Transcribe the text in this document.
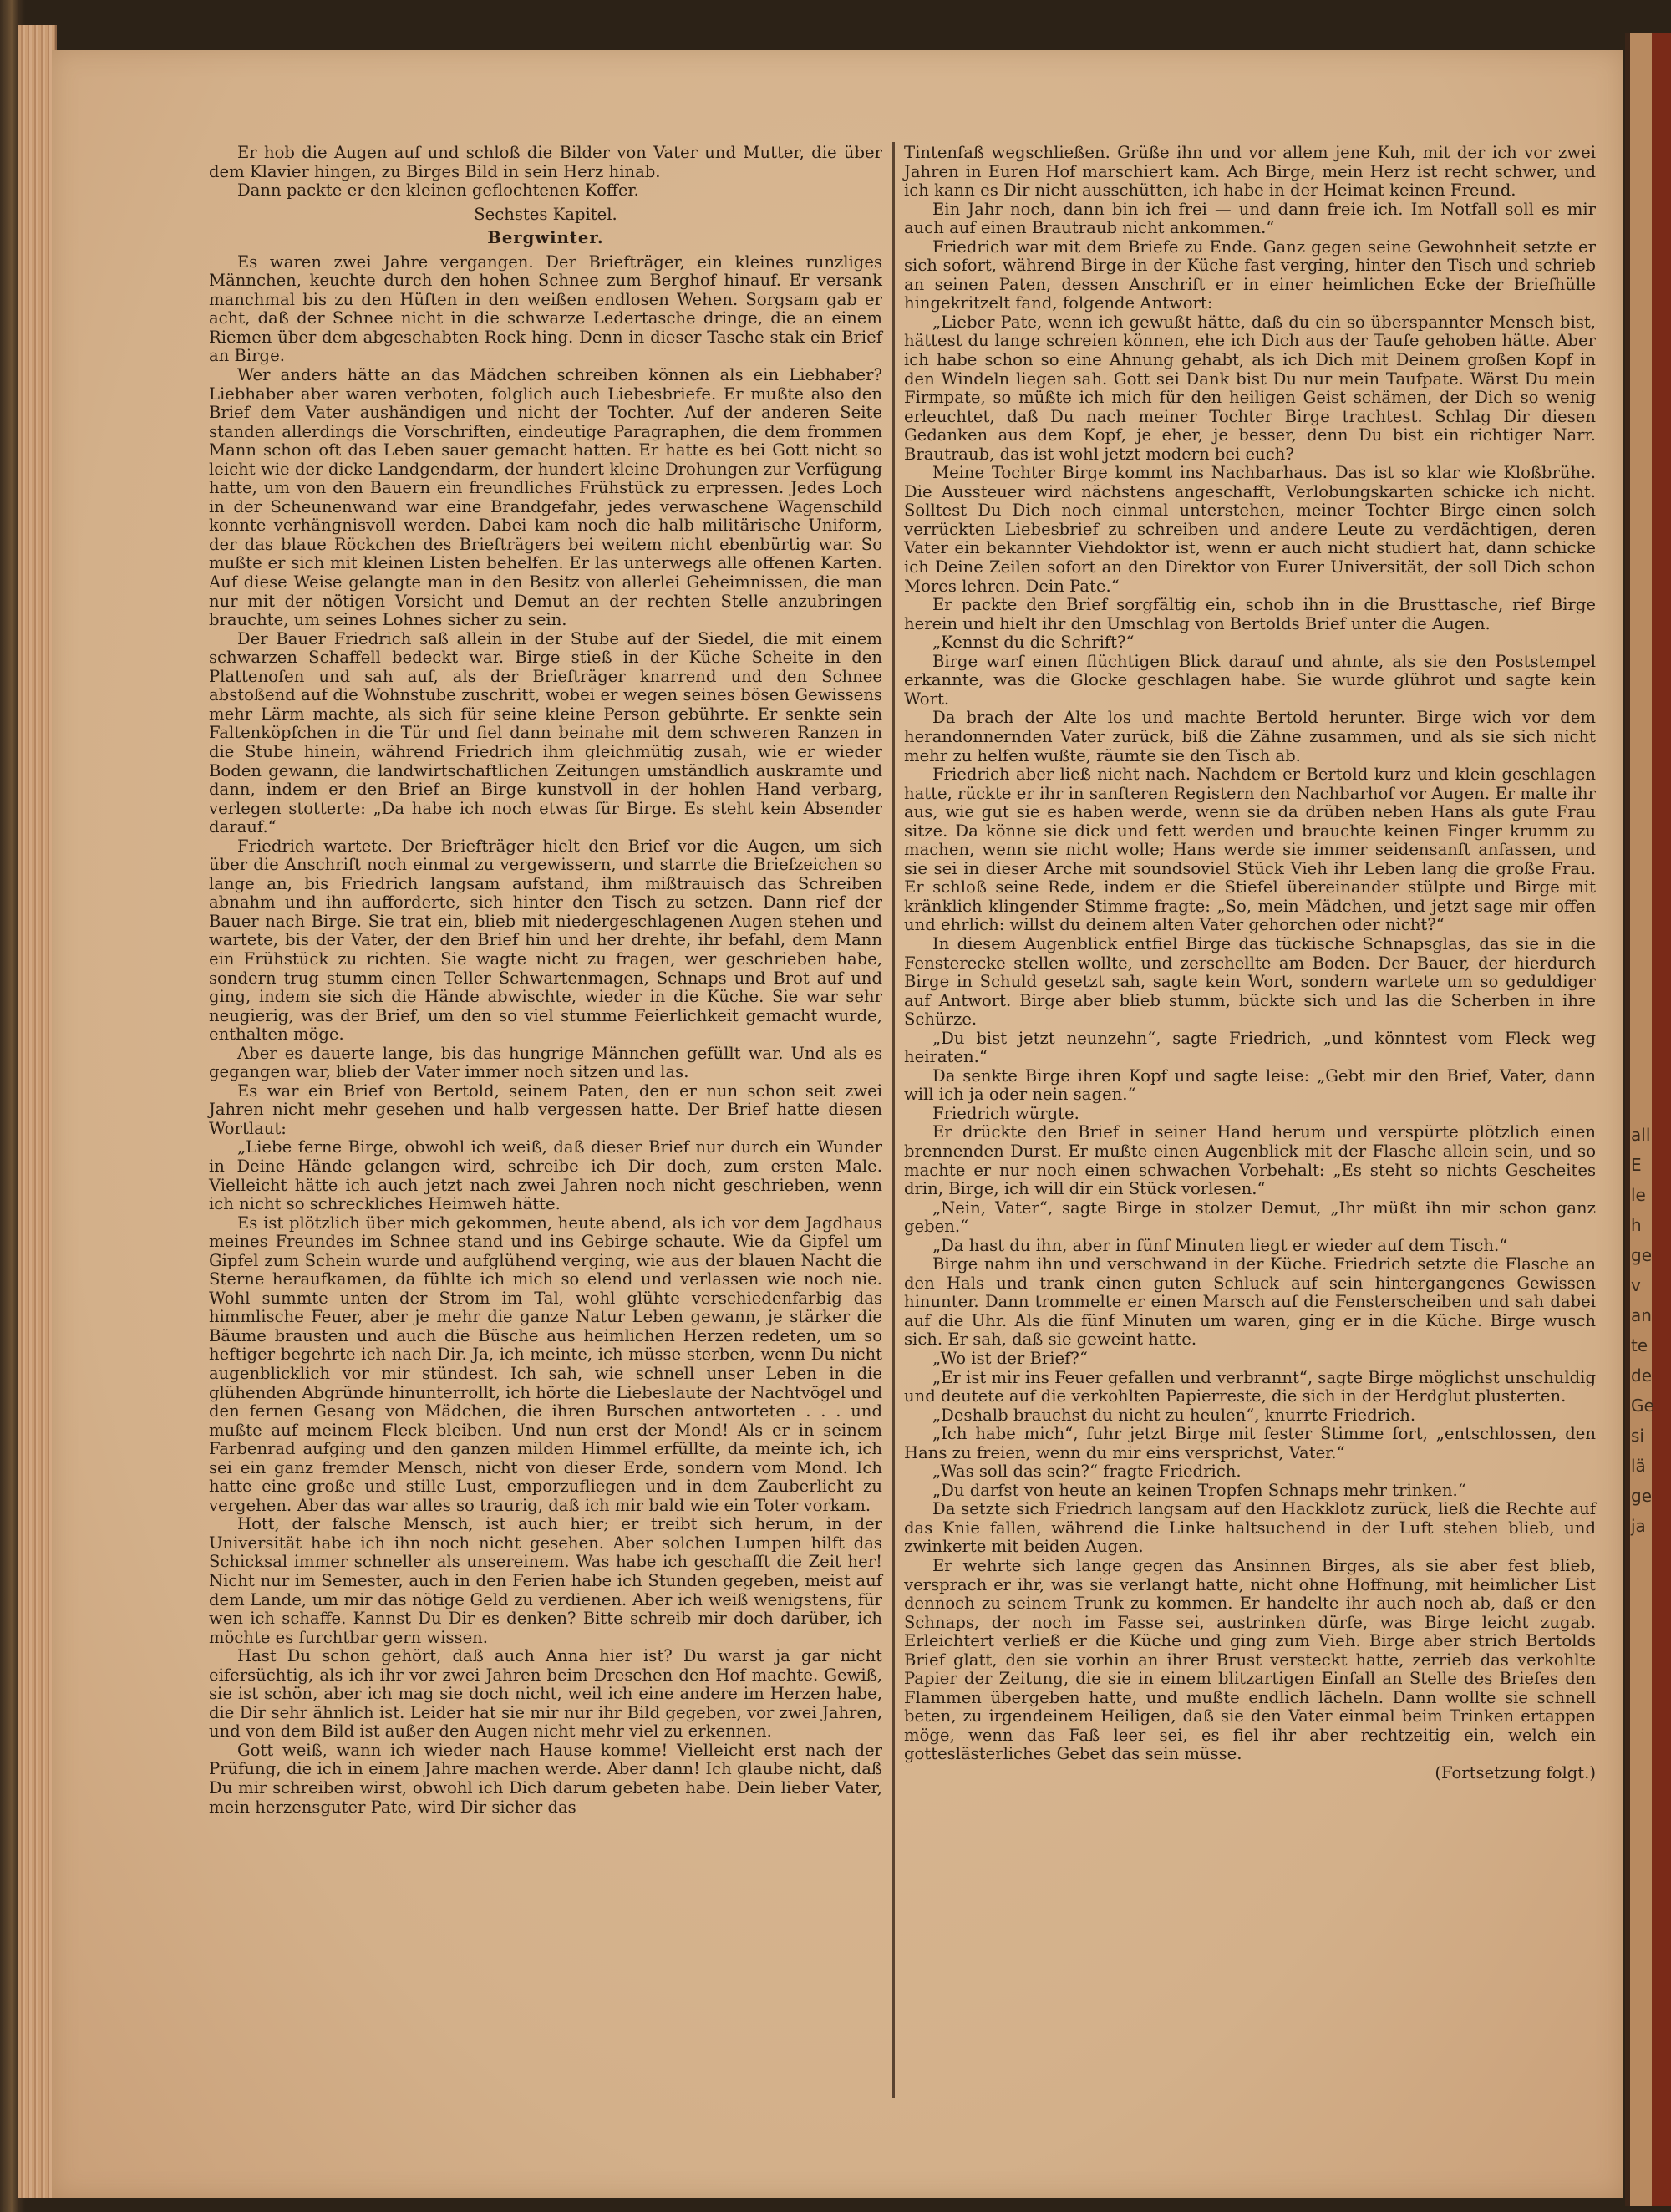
all
E
le
h
ge
v
an
te
de
Ge
si
lä
ge
ja

Er hob die Augen auf und schloß die Bilder von Vater und Mutter, die über dem Klavier hingen, zu Birges Bild in sein Herz hinab.

Dann packte er den kleinen geflochtenen Koffer.

Sechstes Kapitel.

Bergwinter.

Es waren zwei Jahre vergangen. Der Briefträger, ein kleines runzliges Männchen, keuchte durch den hohen Schnee zum Berghof hinauf. Er versank manchmal bis zu den Hüften in den weißen endlosen Wehen. Sorgsam gab er acht, daß der Schnee nicht in die schwarze Ledertasche dringe, die an einem Riemen über dem abgeschabten Rock hing. Denn in dieser Tasche stak ein Brief an Birge.

Wer anders hätte an das Mädchen schreiben können als ein Liebhaber? Liebhaber aber waren verboten, folglich auch Liebesbriefe. Er mußte also den Brief dem Vater aushändigen und nicht der Tochter. Auf der anderen Seite standen allerdings die Vorschriften, eindeutige Paragraphen, die dem frommen Mann schon oft das Leben sauer gemacht hatten. Er hatte es bei Gott nicht so leicht wie der dicke Landgendarm, der hundert kleine Drohungen zur Verfügung hatte, um von den Bauern ein freundliches Frühstück zu erpressen. Jedes Loch in der Scheunenwand war eine Brandgefahr, jedes verwaschene Wagenschild konnte verhängnisvoll werden. Dabei kam noch die halb militärische Uniform, der das blaue Röckchen des Briefträgers bei weitem nicht ebenbürtig war. So mußte er sich mit kleinen Listen behelfen. Er las unterwegs alle offenen Karten. Auf diese Weise gelangte man in den Besitz von allerlei Geheimnissen, die man nur mit der nötigen Vorsicht und Demut an der rechten Stelle anzubringen brauchte, um seines Lohnes sicher zu sein.

Der Bauer Friedrich saß allein in der Stube auf der Siedel, die mit einem schwarzen Schaffell bedeckt war. Birge stieß in der Küche Scheite in den Plattenofen und sah auf, als der Briefträger knarrend und den Schnee abstoßend auf die Wohnstube zuschritt, wobei er wegen seines bösen Gewissens mehr Lärm machte, als sich für seine kleine Person gebührte. Er senkte sein Faltenköpfchen in die Tür und fiel dann beinahe mit dem schweren Ranzen in die Stube hinein, während Friedrich ihm gleichmütig zusah, wie er wieder Boden gewann, die landwirtschaftlichen Zeitungen umständlich auskramte und dann, indem er den Brief an Birge kunstvoll in der hohlen Hand verbarg, verlegen stotterte: „Da habe ich noch etwas für Birge. Es steht kein Absender darauf.“

Friedrich wartete. Der Briefträger hielt den Brief vor die Augen, um sich über die Anschrift noch einmal zu vergewissern, und starrte die Briefzeichen so lange an, bis Friedrich langsam aufstand, ihm mißtrauisch das Schreiben abnahm und ihn aufforderte, sich hinter den Tisch zu setzen. Dann rief der Bauer nach Birge. Sie trat ein, blieb mit niedergeschlagenen Augen stehen und wartete, bis der Vater, der den Brief hin und her drehte, ihr befahl, dem Mann ein Frühstück zu richten. Sie wagte nicht zu fragen, wer geschrieben habe, sondern trug stumm einen Teller Schwartenmagen, Schnaps und Brot auf und ging, indem sie sich die Hände abwischte, wieder in die Küche. Sie war sehr neugierig, was der Brief, um den so viel stumme Feierlichkeit gemacht wurde, enthalten möge.

Aber es dauerte lange, bis das hungrige Männchen gefüllt war. Und als es gegangen war, blieb der Vater immer noch sitzen und las.

Es war ein Brief von Bertold, seinem Paten, den er nun schon seit zwei Jahren nicht mehr gesehen und halb vergessen hatte. Der Brief hatte diesen Wortlaut:

„Liebe ferne Birge, obwohl ich weiß, daß dieser Brief nur durch ein Wunder in Deine Hände gelangen wird, schreibe ich Dir doch, zum ersten Male. Vielleicht hätte ich auch jetzt nach zwei Jahren noch nicht geschrieben, wenn ich nicht so schreckliches Heimweh hätte.

Es ist plötzlich über mich gekommen, heute abend, als ich vor dem Jagdhaus meines Freundes im Schnee stand und ins Gebirge schaute. Wie da Gipfel um Gipfel zum Schein wurde und aufglühend verging, wie aus der blauen Nacht die Sterne heraufkamen, da fühlte ich mich so elend und verlassen wie noch nie. Wohl summte unten der Strom im Tal, wohl glühte verschiedenfarbig das himmlische Feuer, aber je mehr die ganze Natur Leben gewann, je stärker die Bäume brausten und auch die Büsche aus heimlichen Herzen redeten, um so heftiger begehrte ich nach Dir. Ja, ich meinte, ich müsse sterben, wenn Du nicht augenblicklich vor mir stündest. Ich sah, wie schnell unser Leben in die glühenden Abgründe hinunterrollt, ich hörte die Liebeslaute der Nachtvögel und den fernen Gesang von Mädchen, die ihren Burschen antworteten . . . und mußte auf meinem Fleck bleiben. Und nun erst der Mond! Als er in seinem Farbenrad aufging und den ganzen milden Himmel erfüllte, da meinte ich, ich sei ein ganz fremder Mensch, nicht von dieser Erde, sondern vom Mond. Ich hatte eine große und stille Lust, emporzufliegen und in dem Zauberlicht zu vergehen. Aber das war alles so traurig, daß ich mir bald wie ein Toter vorkam.

Hott, der falsche Mensch, ist auch hier; er treibt sich herum, in der Universität habe ich ihn noch nicht gesehen. Aber solchen Lumpen hilft das Schicksal immer schneller als unsereinem. Was habe ich geschafft die Zeit her! Nicht nur im Semester, auch in den Ferien habe ich Stunden gegeben, meist auf dem Lande, um mir das nötige Geld zu verdienen. Aber ich weiß wenigstens, für wen ich schaffe. Kannst Du Dir es denken? Bitte schreib mir doch darüber, ich möchte es furchtbar gern wissen.

Hast Du schon gehört, daß auch Anna hier ist? Du warst ja gar nicht eifersüchtig, als ich ihr vor zwei Jahren beim Dreschen den Hof machte. Gewiß, sie ist schön, aber ich mag sie doch nicht, weil ich eine andere im Herzen habe, die Dir sehr ähnlich ist. Leider hat sie mir nur ihr Bild gegeben, vor zwei Jahren, und von dem Bild ist außer den Augen nicht mehr viel zu erkennen.

Gott weiß, wann ich wieder nach Hause komme! Vielleicht erst nach der Prüfung, die ich in einem Jahre machen werde. Aber dann! Ich glaube nicht, daß Du mir schreiben wirst, obwohl ich Dich darum gebeten habe. Dein lieber Vater, mein herzensguter Pate, wird Dir sicher das

Tintenfaß wegschließen. Grüße ihn und vor allem jene Kuh, mit der ich vor zwei Jahren in Euren Hof marschiert kam. Ach Birge, mein Herz ist recht schwer, und ich kann es Dir nicht ausschütten, ich habe in der Heimat keinen Freund.

Ein Jahr noch, dann bin ich frei — und dann freie ich. Im Notfall soll es mir auch auf einen Brautraub nicht ankommen.“

Friedrich war mit dem Briefe zu Ende. Ganz gegen seine Gewohnheit setzte er sich sofort, während Birge in der Küche fast verging, hinter den Tisch und schrieb an seinen Paten, dessen Anschrift er in einer heimlichen Ecke der Briefhülle hingekritzelt fand, folgende Antwort:

„Lieber Pate, wenn ich gewußt hätte, daß du ein so überspannter Mensch bist, hättest du lange schreien können, ehe ich Dich aus der Taufe gehoben hätte. Aber ich habe schon so eine Ahnung gehabt, als ich Dich mit Deinem großen Kopf in den Windeln liegen sah. Gott sei Dank bist Du nur mein Taufpate. Wärst Du mein Firmpate, so müßte ich mich für den heiligen Geist schämen, der Dich so wenig erleuchtet, daß Du nach meiner Tochter Birge trachtest. Schlag Dir diesen Gedanken aus dem Kopf, je eher, je besser, denn Du bist ein richtiger Narr. Brautraub, das ist wohl jetzt modern bei euch?

Meine Tochter Birge kommt ins Nachbarhaus. Das ist so klar wie Kloßbrühe. Die Aussteuer wird nächstens angeschafft, Verlobungskarten schicke ich nicht. Solltest Du Dich noch einmal unterstehen, meiner Tochter Birge einen solch verrückten Liebesbrief zu schreiben und andere Leute zu verdächtigen, deren Vater ein bekannter Viehdoktor ist, wenn er auch nicht studiert hat, dann schicke ich Deine Zeilen sofort an den Direktor von Eurer Universität, der soll Dich schon Mores lehren. Dein Pate.“

Er packte den Brief sorgfältig ein, schob ihn in die Brusttasche, rief Birge herein und hielt ihr den Umschlag von Bertolds Brief unter die Augen.

„Kennst du die Schrift?“

Birge warf einen flüchtigen Blick darauf und ahnte, als sie den Poststempel erkannte, was die Glocke geschlagen habe. Sie wurde glührot und sagte kein Wort.

Da brach der Alte los und machte Bertold herunter. Birge wich vor dem herandonnernden Vater zurück, biß die Zähne zusammen, und als sie sich nicht mehr zu helfen wußte, räumte sie den Tisch ab.

Friedrich aber ließ nicht nach. Nachdem er Bertold kurz und klein geschlagen hatte, rückte er ihr in sanfteren Registern den Nachbarhof vor Augen. Er malte ihr aus, wie gut sie es haben werde, wenn sie da drüben neben Hans als gute Frau sitze. Da könne sie dick und fett werden und brauchte keinen Finger krumm zu machen, wenn sie nicht wolle; Hans werde sie immer seidensanft anfassen, und sie sei in dieser Arche mit soundsoviel Stück Vieh ihr Leben lang die große Frau. Er schloß seine Rede, indem er die Stiefel übereinander stülpte und Birge mit kränklich klingender Stimme fragte: „So, mein Mädchen, und jetzt sage mir offen und ehrlich: willst du deinem alten Vater gehorchen oder nicht?“

In diesem Augenblick entfiel Birge das tückische Schnapsglas, das sie in die Fensterecke stellen wollte, und zerschellte am Boden. Der Bauer, der hierdurch Birge in Schuld gesetzt sah, sagte kein Wort, sondern wartete um so geduldiger auf Antwort. Birge aber blieb stumm, bückte sich und las die Scherben in ihre Schürze.

„Du bist jetzt neunzehn“, sagte Friedrich, „und könntest vom Fleck weg heiraten.“

Da senkte Birge ihren Kopf und sagte leise: „Gebt mir den Brief, Vater, dann will ich ja oder nein sagen.“

Friedrich würgte.

Er drückte den Brief in seiner Hand herum und verspürte plötzlich einen brennenden Durst. Er mußte einen Augenblick mit der Flasche allein sein, und so machte er nur noch einen schwachen Vorbehalt: „Es steht so nichts Gescheites drin, Birge, ich will dir ein Stück vorlesen.“

„Nein, Vater“, sagte Birge in stolzer Demut, „Ihr müßt ihn mir schon ganz geben.“

„Da hast du ihn, aber in fünf Minuten liegt er wieder auf dem Tisch.“

Birge nahm ihn und verschwand in der Küche. Friedrich setzte die Flasche an den Hals und trank einen guten Schluck auf sein hintergangenes Gewissen hinunter. Dann trommelte er einen Marsch auf die Fensterscheiben und sah dabei auf die Uhr. Als die fünf Minuten um waren, ging er in die Küche. Birge wusch sich. Er sah, daß sie geweint hatte.

„Wo ist der Brief?“

„Er ist mir ins Feuer gefallen und verbrannt“, sagte Birge möglichst unschuldig und deutete auf die verkohlten Papierreste, die sich in der Herdglut plusterten.

„Deshalb brauchst du nicht zu heulen“, knurrte Friedrich.

„Ich habe mich“, fuhr jetzt Birge mit fester Stimme fort, „entschlossen, den Hans zu freien, wenn du mir eins versprichst, Vater.“

„Was soll das sein?“ fragte Friedrich.

„Du darfst von heute an keinen Tropfen Schnaps mehr trinken.“

Da setzte sich Friedrich langsam auf den Hackklotz zurück, ließ die Rechte auf das Knie fallen, während die Linke haltsuchend in der Luft stehen blieb, und zwinkerte mit beiden Augen.

Er wehrte sich lange gegen das Ansinnen Birges, als sie aber fest blieb, versprach er ihr, was sie verlangt hatte, nicht ohne Hoffnung, mit heimlicher List dennoch zu seinem Trunk zu kommen. Er handelte ihr auch noch ab, daß er den Schnaps, der noch im Fasse sei, austrinken dürfe, was Birge leicht zugab. Erleichtert verließ er die Küche und ging zum Vieh. Birge aber strich Bertolds Brief glatt, den sie vorhin an ihrer Brust versteckt hatte, zerrieb das verkohlte Papier der Zeitung, die sie in einem blitzartigen Einfall an Stelle des Briefes den Flammen übergeben hatte, und mußte endlich lächeln. Dann wollte sie schnell beten, zu irgendeinem Heiligen, daß sie den Vater einmal beim Trinken ertappen möge, wenn das Faß leer sei, es fiel ihr aber rechtzeitig ein, welch ein gotteslästerliches Gebet das sein müsse.

(Fortsetzung folgt.)
